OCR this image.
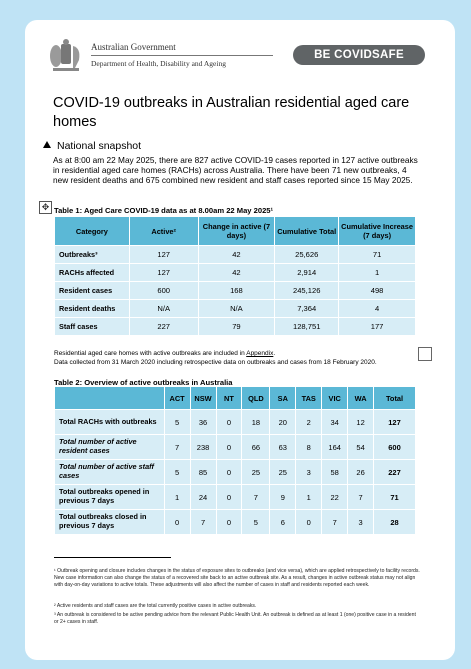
Australian Government
Department of Health, Disability and Ageing
BE COVIDSAFE
COVID-19 outbreaks in Australian residential aged care homes
National snapshot
As at 8:00 am 22 May 2025, there are 827 active COVID-19 cases reported in 127 active outbreaks in residential aged care homes (RACHs) across Australia. There have been 71 new outbreaks, 4 new resident deaths and 675 combined new resident and staff cases reported since 15 May 2025.
✥ Table 1: Aged Care COVID-19 data as at 8.00am 22 May 2025¹
Category	Active²	Change in active (7 days)	Cumulative Total	Cumulative Increase (7 days)
Outbreaks³	127	42	25,626	71
RACHs affected	127	42	2,914	1
Resident cases	600	168	245,126	498
Resident deaths	N/A	N/A	7,364	4
Staff cases	227	79	128,751	177
Residential aged care homes with active outbreaks are included in Appendix.
Data collected from 31 March 2020 including retrospective data on outbreaks and cases from 18 February 2020.
Table 2: Overview of active outbreaks in Australia
	ACT	NSW	NT	QLD	SA	TAS	VIC	WA	Total
Total RACHs with outbreaks	5	36	0	18	20	2	34	12	127
Total number of active resident cases	7	238	0	66	63	8	164	54	600
Total number of active staff cases	5	85	0	25	25	3	58	26	227
Total outbreaks opened in previous 7 days	1	24	0	7	9	1	22	7	71
Total outbreaks closed in previous 7 days	0	7	0	5	6	0	7	3	28
¹ Outbreak opening and closure includes changes in the status of exposure sites to outbreaks (and vice versa), which are applied retrospectively to facility records. New case information can also change the status of a recovered site back to an active outbreak site. As a result, changes in active outbreak status may not align with day-on-day variations to active totals. These adjustments will also affect the number of cases in staff and residents reported each week.
² Active residents and staff cases are the total currently positive cases in active outbreaks.
³ An outbreak is considered to be active pending advice from the relevant Public Health Unit. An outbreak is defined as at least 1 (one) positive case in a resident or 2+ cases in staff.
